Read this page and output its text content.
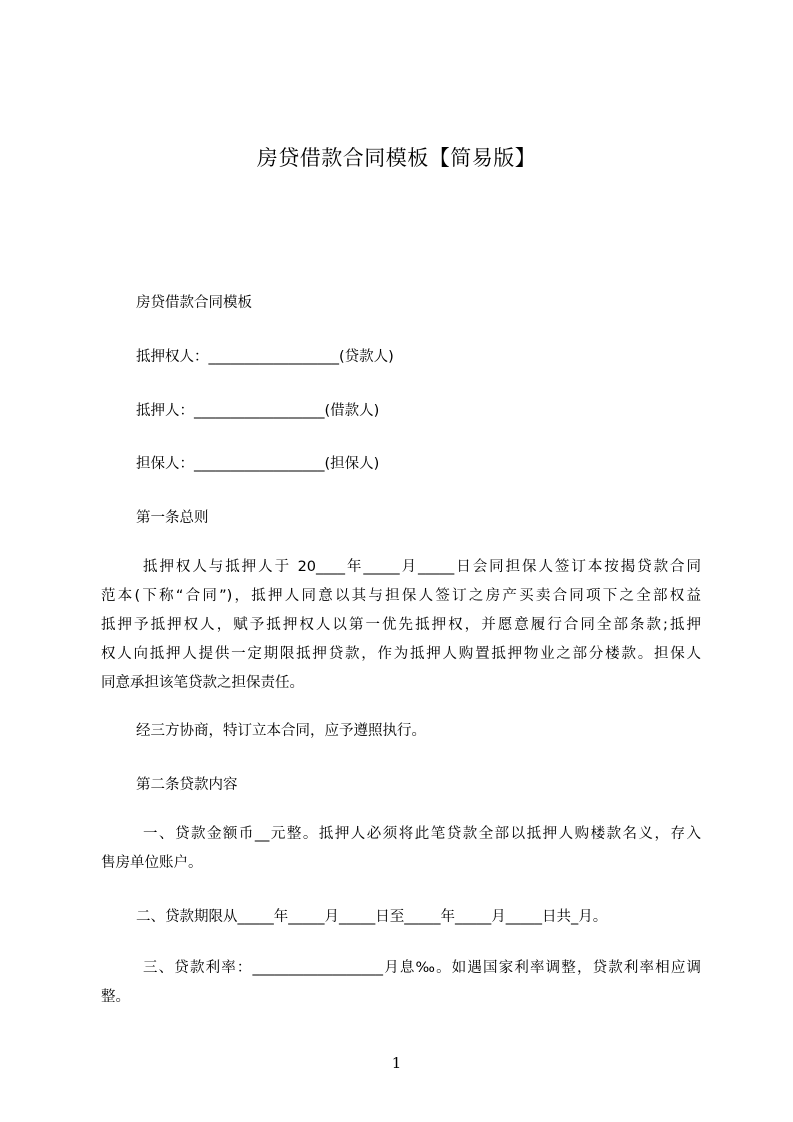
房贷借款合同模板【简易版】
房贷借款合同模板
抵押权人：__________________(贷款人)
抵押人：__________________(借款人)
担保人：__________________(担保人)
第一条总则
抵押权人与抵押人于 20____年_____月_____日会同担保人签订本按揭贷款合同
范本(下称“合同”)，抵押人同意以其与担保人签订之房产买卖合同项下之全部权益
抵押予抵押权人，赋予抵押权人以第一优先抵押权，并愿意履行合同全部条款;抵押
权人向抵押人提供一定期限抵押贷款，作为抵押人购置抵押物业之部分楼款。担保人
同意承担该笔贷款之担保责任。
经三方协商，特订立本合同，应予遵照执行。
第二条贷款内容
一、贷款金额币__元整。抵押人必须将此笔贷款全部以抵押人购楼款名义，存入
售房单位账户。
二、贷款期限从_____年_____月_____日至_____年_____月_____日共_月。
三、贷款利率：__________________月息‰。如遇国家利率调整，贷款利率相应调
整。
1
